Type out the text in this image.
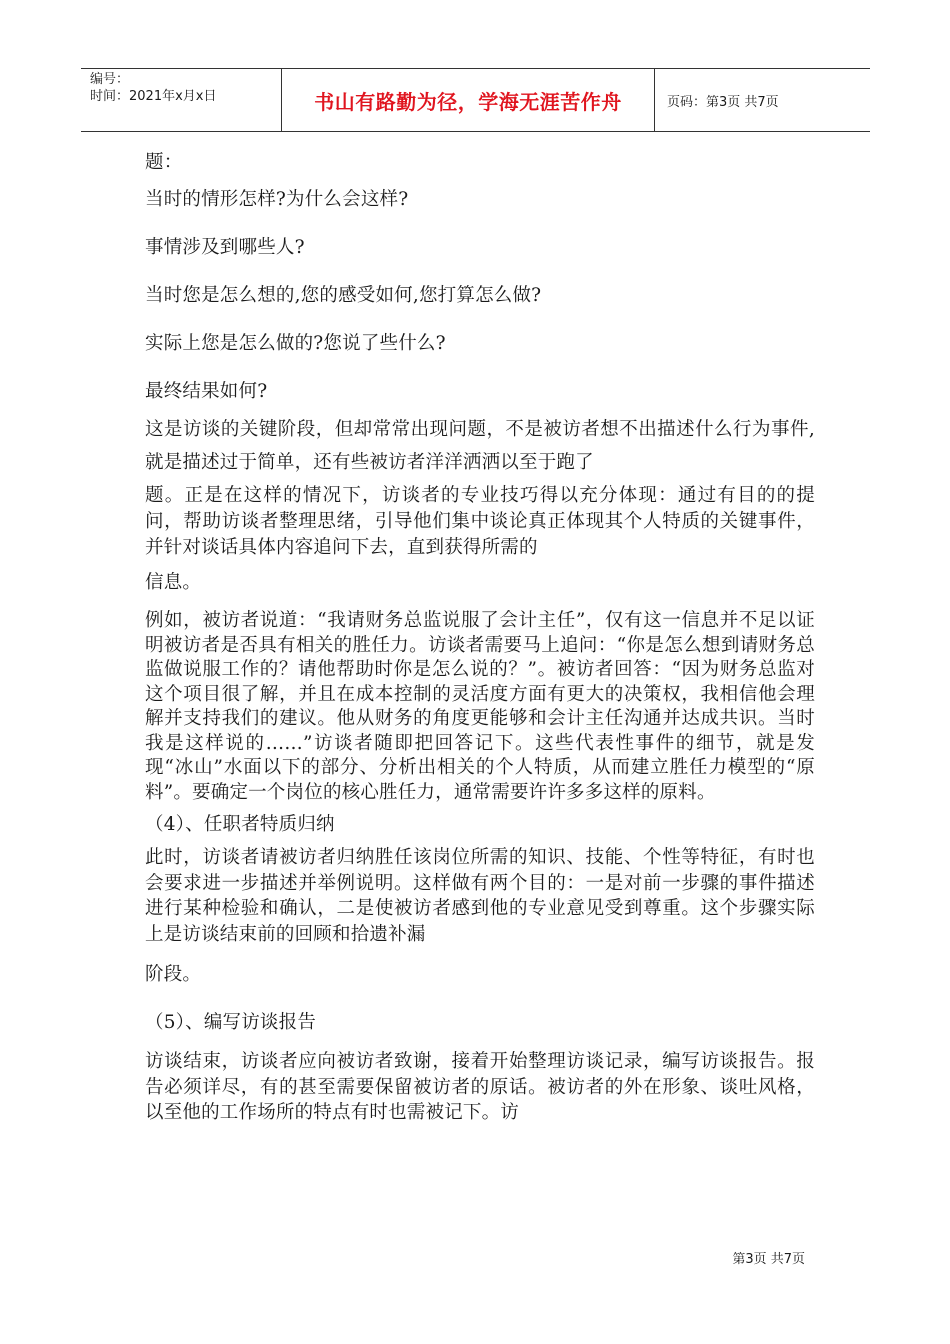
编号：
时间：2021年x月x日	书山有路勤为径，学海无涯苦作舟	页码：第3页 共7页

题：

当时的情形怎样?为什么会这样?

事情涉及到哪些人?

当时您是怎么想的,您的感受如何,您打算怎么做?

实际上您是怎么做的?您说了些什么?

最终结果如何?

这是访谈的关键阶段，但却常常出现问题，不是被访者想不出描述什么行为事件,就是描述过于简单，还有些被访者洋洋洒洒以至于跑了

题。正是在这样的情况下，访谈者的专业技巧得以充分体现：通过有目的的提问，帮助访谈者整理思绪，引导他们集中谈论真正体现其个人特质的关键事件，并针对谈话具体内容追问下去，直到获得所需的

信息。

例如，被访者说道：“我请财务总监说服了会计主任”，仅有这一信息并不足以证明被访者是否具有相关的胜任力。访谈者需要马上追问：“你是怎么想到请财务总监做说服工作的？请他帮助时你是怎么说的？”。被访者回答：“因为财务总监对这个项目很了解，并且在成本控制的灵活度方面有更大的决策权，我相信他会理解并支持我们的建议。他从财务的角度更能够和会计主任沟通并达成共识。当时我是这样说的……”访谈者随即把回答记下。这些代表性事件的细节，就是发现“冰山”水面以下的部分、分析出相关的个人特质，从而建立胜任力模型的“原料”。要确定一个岗位的核心胜任力，通常需要许许多多这样的原料。

（4）、任职者特质归纳

此时，访谈者请被访者归纳胜任该岗位所需的知识、技能、个性等特征，有时也会要求进一步描述并举例说明。这样做有两个目的：一是对前一步骤的事件描述进行某种检验和确认，二是使被访者感到他的专业意见受到尊重。这个步骤实际上是访谈结束前的回顾和拾遗补漏

阶段。

（5）、编写访谈报告

访谈结束，访谈者应向被访者致谢，接着开始整理访谈记录，编写访谈报告。报告必须详尽，有的甚至需要保留被访者的原话。被访者的外在形象、谈吐风格，以至他的工作场所的特点有时也需被记下。访

第3页 共7页
